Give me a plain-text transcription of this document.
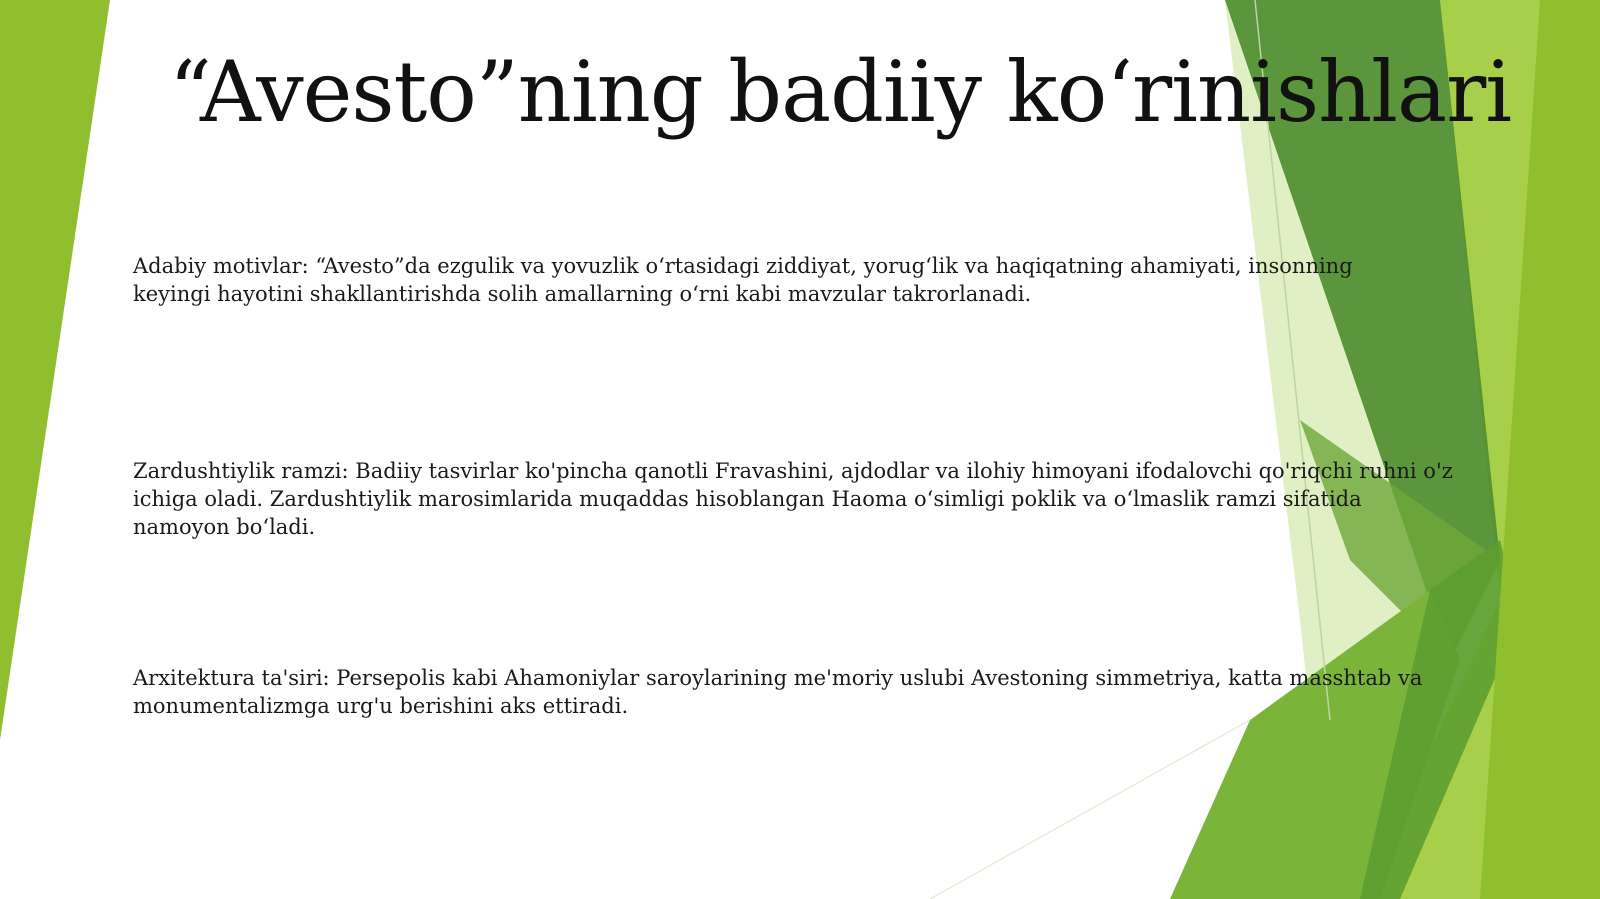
“Avesto”ning badiiy ko‘rinishlari

Adabiy motivlar: “Avesto”da ezgulik va yovuzlik o‘rtasidagi ziddiyat, yorug‘lik va haqiqatning ahamiyati, insonning keyingi hayotini shakllantirishda solih amallarning o‘rni kabi mavzular takrorlanadi.

Zardushtiylik ramzi: Badiiy tasvirlar ko'pincha qanotli Fravashini, ajdodlar va ilohiy himoyani ifodalovchi qo'riqchi ruhni o'z ichiga oladi. Zardushtiylik marosimlarida muqaddas hisoblangan Haoma o‘simligi poklik va o‘lmaslik ramzi sifatida namoyon bo‘ladi.

Arxitektura ta'siri: Persepolis kabi Ahamoniylar saroylarining me'moriy uslubi Avestoning simmetriya, katta masshtab va monumentalizmga urg'u berishini aks ettiradi.
